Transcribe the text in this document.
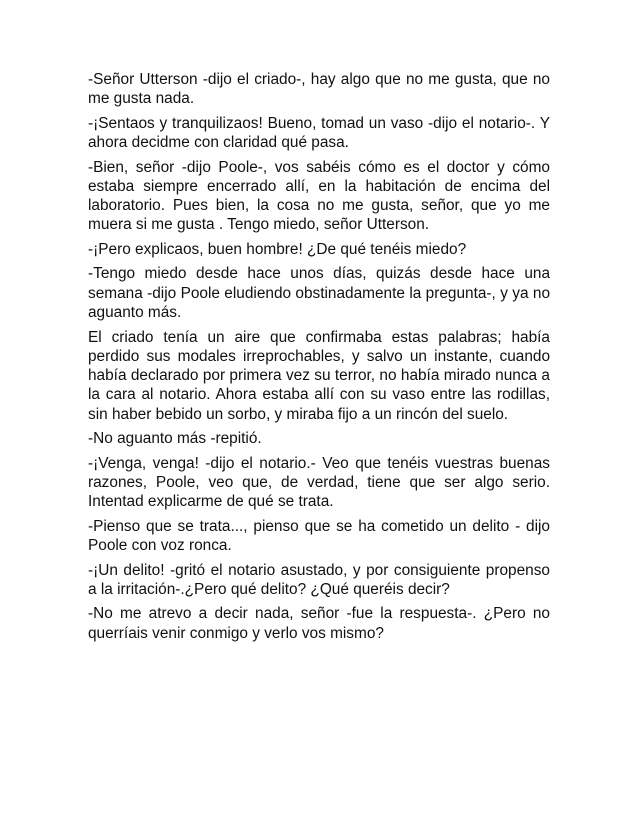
-Señor Utterson -dijo el criado-, hay algo que no me gusta, que no me gusta nada.

-¡Sentaos y tranquilizaos! Bueno, tomad un vaso -dijo el notario-. Y ahora decidme con claridad qué pasa.

-Bien, señor -dijo Poole-, vos sabéis cómo es el doctor y cómo estaba siempre encerrado allí, en la habitación de encima del laboratorio. Pues bien, la cosa no me gusta, señor, que yo me muera si me gusta . Tengo miedo, señor Utterson.

-¡Pero explicaos, buen hombre! ¿De qué tenéis miedo?

-Tengo miedo desde hace unos días, quizás desde hace una semana -dijo Poole eludiendo obstinadamente la pregunta-, y ya no aguanto más.

El criado tenía un aire que confirmaba estas palabras; había perdido sus modales irreprochables, y salvo un instante, cuando había declarado por primera vez su terror, no había mirado nunca a la cara al notario. Ahora estaba allí con su vaso entre las rodillas, sin haber bebido un sorbo, y miraba fijo a un rincón del suelo.

-No aguanto más -repitió.

-¡Venga, venga! -dijo el notario.- Veo que tenéis vuestras buenas razones, Poole, veo que, de verdad, tiene que ser algo serio. Intentad explicarme de qué se trata.

-Pienso que se trata..., pienso que se ha cometido un delito - dijo Poole con voz ronca.

-¡Un delito! -gritó el notario asustado, y por consiguiente propenso a la irritación-.¿Pero qué delito? ¿Qué queréis decir?

-No me atrevo a decir nada, señor -fue la respuesta-. ¿Pero no querríais venir conmigo y verlo vos mismo?
